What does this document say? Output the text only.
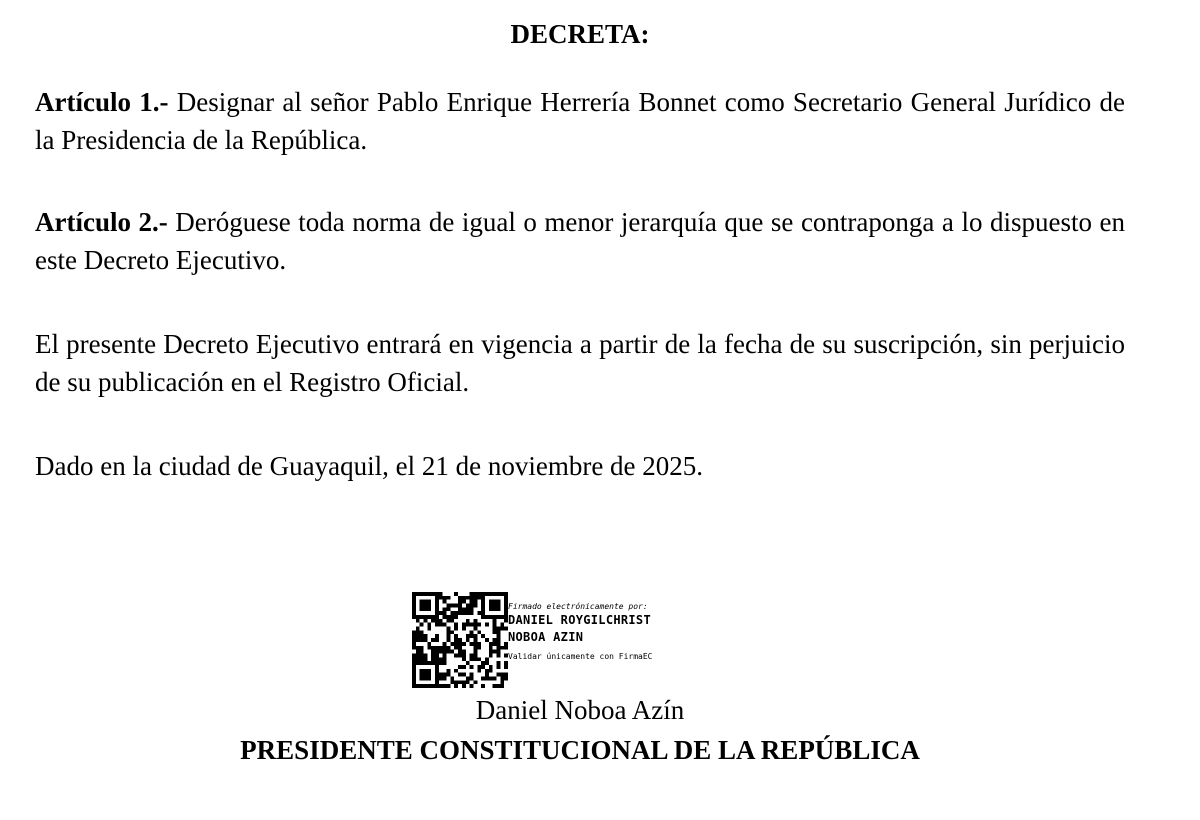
DECRETA:
Artículo 1.- Designar al señor Pablo Enrique Herrería Bonnet como Secretario General Jurídico de la Presidencia de la República.
Artículo 2.- Deróguese toda norma de igual o menor jerarquía que se contraponga a lo dispuesto en este Decreto Ejecutivo.
El presente Decreto Ejecutivo entrará en vigencia a partir de la fecha de su suscripción, sin perjuicio de su publicación en el Registro Oficial.
Dado en la ciudad de Guayaquil, el 21 de noviembre de 2025.
Firmado electrónicamente por:
DANIEL ROYGILCHRIST
NOBOA AZIN
Validar únicamente con FirmaEC
Daniel Noboa Azín
PRESIDENTE CONSTITUCIONAL DE LA REPÚBLICA
